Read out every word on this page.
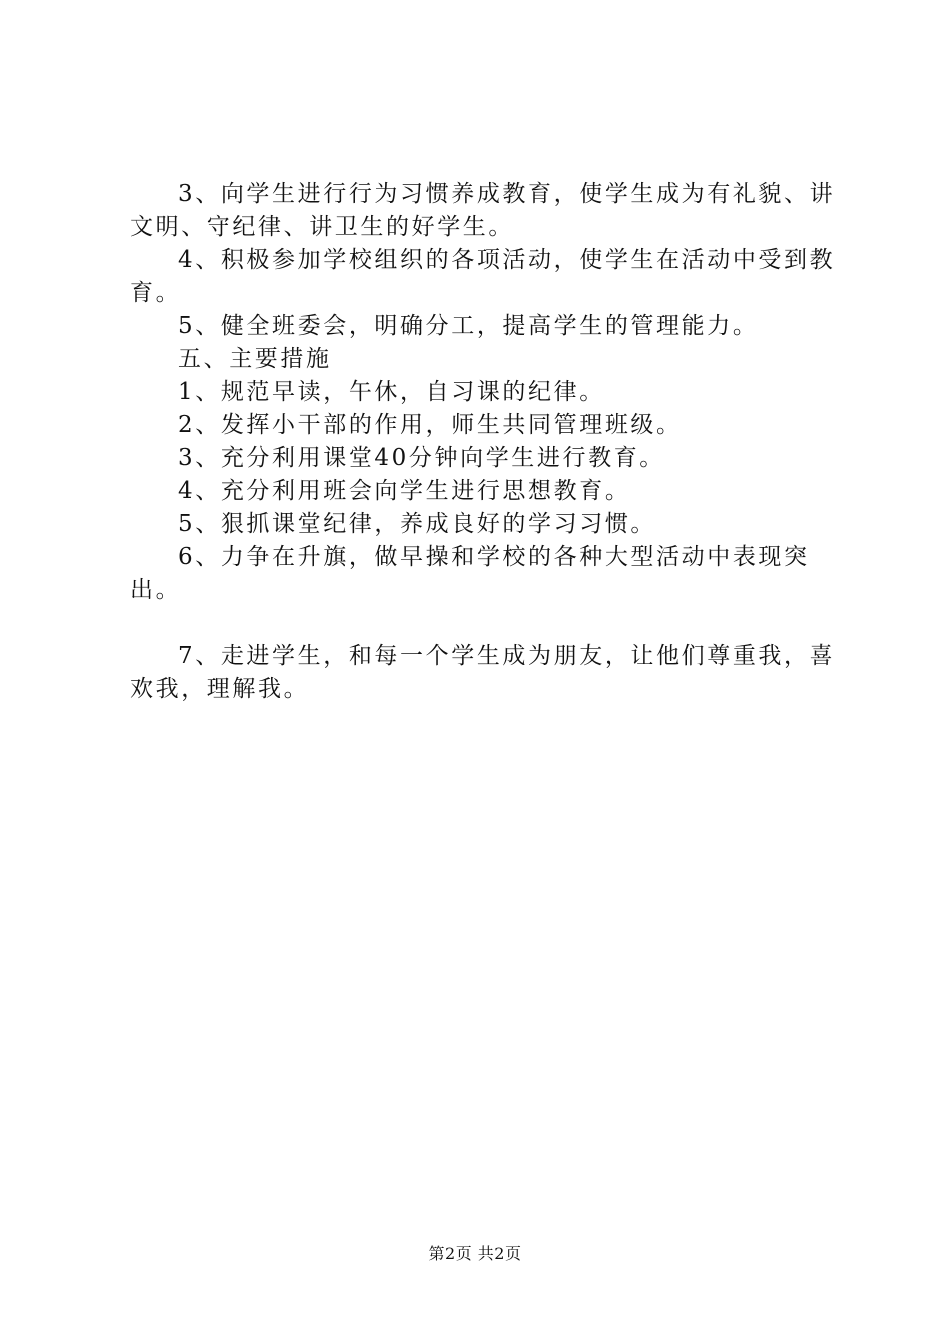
3、向学生进行行为习惯养成教育，使学生成为有礼貌、讲文明、守纪律、讲卫生的好学生。

4、积极参加学校组织的各项活动，使学生在活动中受到教育。

5、健全班委会，明确分工，提高学生的管理能力。

五、主要措施

1、规范早读，午休，自习课的纪律。

2、发挥小干部的作用，师生共同管理班级。

3、充分利用课堂40分钟向学生进行教育。

4、充分利用班会向学生进行思想教育。

5、狠抓课堂纪律，养成良好的学习习惯。

6、力争在升旗，做早操和学校的各种大型活动中表现突出。

7、走进学生，和每一个学生成为朋友，让他们尊重我，喜欢我，理解我。

第2页 共2页
